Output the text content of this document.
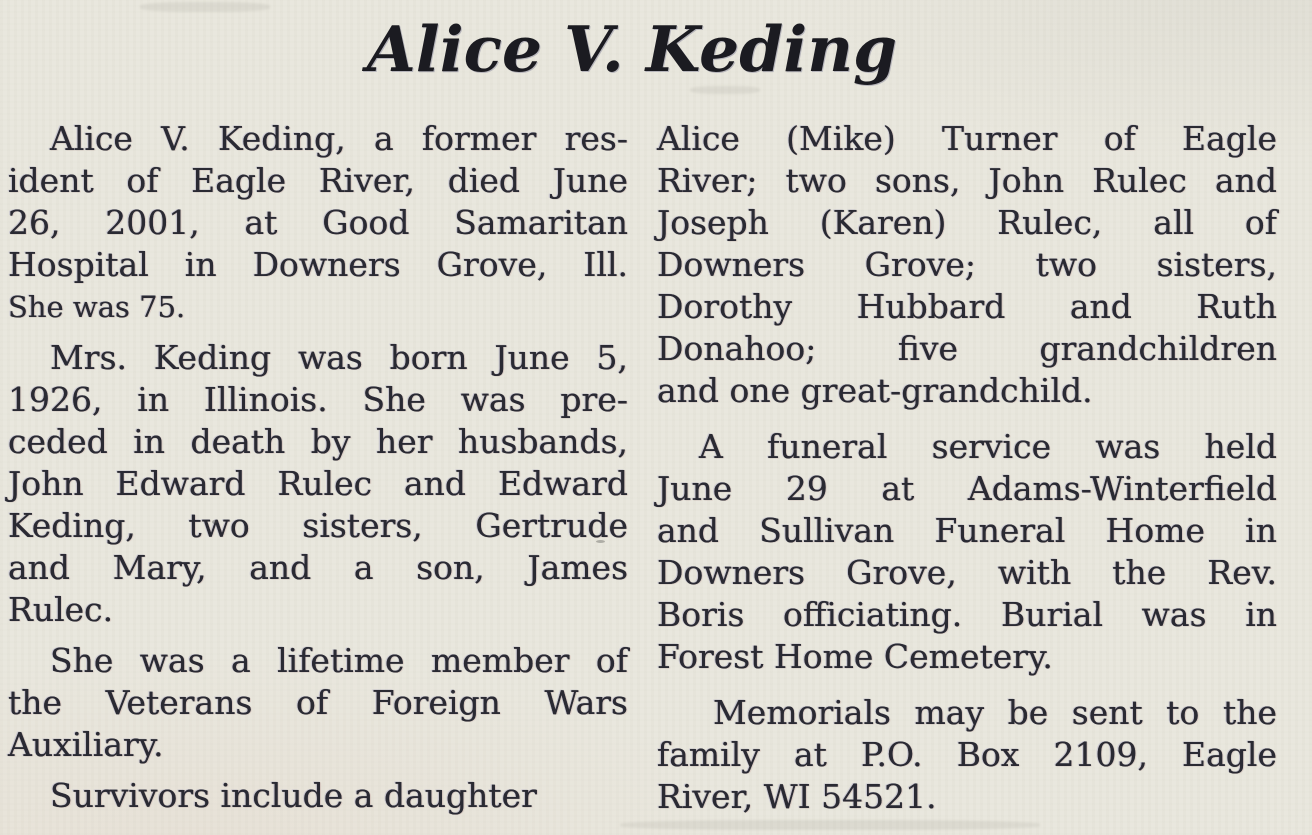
Alice V. Keding
Alice V. Keding, a former res-
ident of Eagle River, died June
26, 2001, at Good Samaritan
Hospital in Downers Grove, Ill.
She was 75.
Mrs. Keding was born June 5,
1926, in Illinois. She was pre-
ceded in death by her husbands,
John Edward Rulec and Edward
Keding, two sisters, Gertrude
and Mary, and a son, James
Rulec.
She was a lifetime member of
the Veterans of Foreign Wars
Auxiliary.
Survivors include a daughter
Alice (Mike) Turner of Eagle
River; two sons, John Rulec and
Joseph (Karen) Rulec, all of
Downers Grove; two sisters,
Dorothy Hubbard and Ruth
Donahoo; five grandchildren
and one great-grandchild.
A funeral service was held
June 29 at Adams-Winterfield
and Sullivan Funeral Home in
Downers Grove, with the Rev.
Boris officiating. Burial was in
Forest Home Cemetery.
Memorials may be sent to the
family at P.O. Box 2109, Eagle
River, WI 54521.
